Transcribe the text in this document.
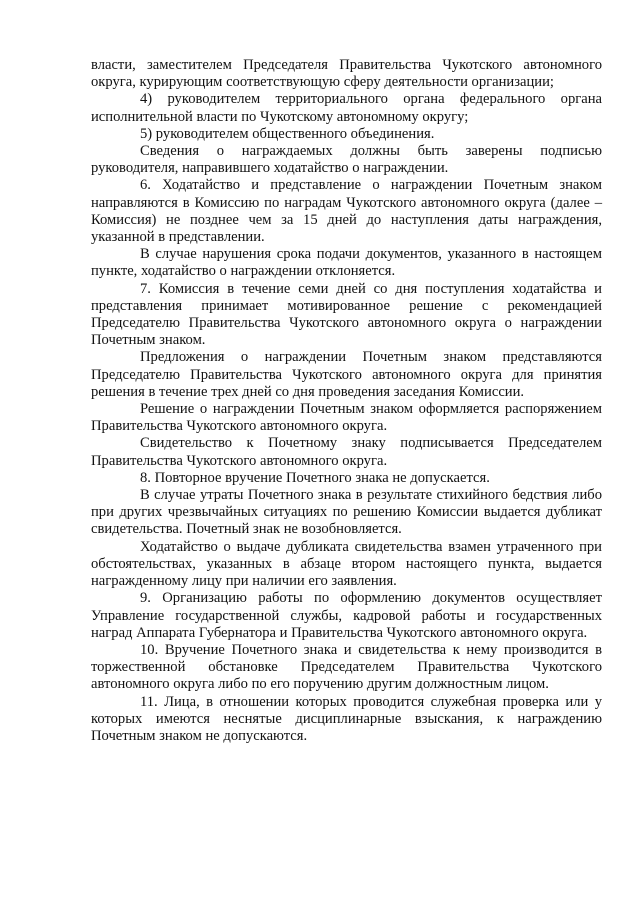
власти, заместителем Председателя Правительства Чукотского автономного округа, курирующим соответствующую сферу деятельности организации;

4) руководителем территориального органа федерального органа исполнительной власти по Чукотскому автономному округу;

5) руководителем общественного объединения.

Сведения о награждаемых должны быть заверены подписью руководителя, направившего ходатайство о награждении.

6. Ходатайство и представление о награждении Почетным знаком направляются в Комиссию по наградам Чукотского автономного округа (далее – Комиссия) не позднее чем за 15 дней до наступления даты награждения, указанной в представлении.

В случае нарушения срока подачи документов, указанного в настоящем пункте, ходатайство о награждении отклоняется.

7. Комиссия в течение семи дней со дня поступления ходатайства и представления принимает мотивированное решение с рекомендацией Председателю Правительства Чукотского автономного округа о награждении Почетным знаком.

Предложения о награждении Почетным знаком представляются Председателю Правительства Чукотского автономного округа для принятия решения в течение трех дней со дня проведения заседания Комиссии.

Решение о награждении Почетным знаком оформляется распоряжением Правительства Чукотского автономного округа.

Свидетельство к Почетному знаку подписывается Председателем Правительства Чукотского автономного округа.

8. Повторное вручение Почетного знака не допускается.

В случае утраты Почетного знака в результате стихийного бедствия либо при других чрезвычайных ситуациях по решению Комиссии выдается дубликат свидетельства. Почетный знак не возобновляется.

Ходатайство о выдаче дубликата свидетельства взамен утраченного при обстоятельствах, указанных в абзаце втором настоящего пункта, выдается награжденному лицу при наличии его заявления.

9. Организацию работы по оформлению документов осуществляет Управление государственной службы, кадровой работы и государственных наград Аппарата Губернатора и Правительства Чукотского автономного округа.

10. Вручение Почетного знака и свидетельства к нему производится в торжественной обстановке Председателем Правительства Чукотского автономного округа либо по его поручению другим должностным лицом.

11. Лица, в отношении которых проводится служебная проверка или у которых имеются неснятые дисциплинарные взыскания, к награждению Почетным знаком не допускаются.
